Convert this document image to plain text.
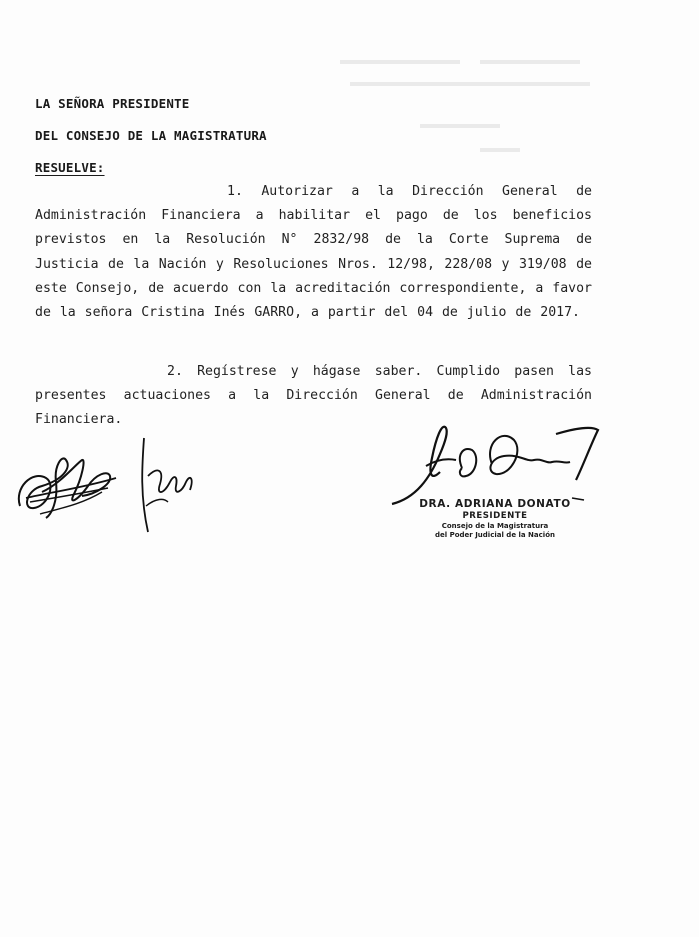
LA SEÑORA PRESIDENTE
DEL CONSEJO DE LA MAGISTRATURA
RESUELVE:
1. Autorizar a la Dirección General de Administración Financiera a habilitar el pago de los beneficios previstos en la Resolución N° 2832/98 de la Corte Suprema de Justicia de la Nación y Resoluciones Nros. 12/98, 228/08 y 319/08 de este Consejo, de acuerdo con la acreditación correspondiente, a favor de la señora Cristina Inés GARRO, a partir del 04 de julio de 2017.
2. Regístrese y hágase saber. Cumplido pasen las presentes actuaciones a la Dirección General de Administración Financiera.
DRA. ADRIANA DONATO
PRESIDENTE
Consejo de la Magistratura
del Poder Judicial de la Nación
